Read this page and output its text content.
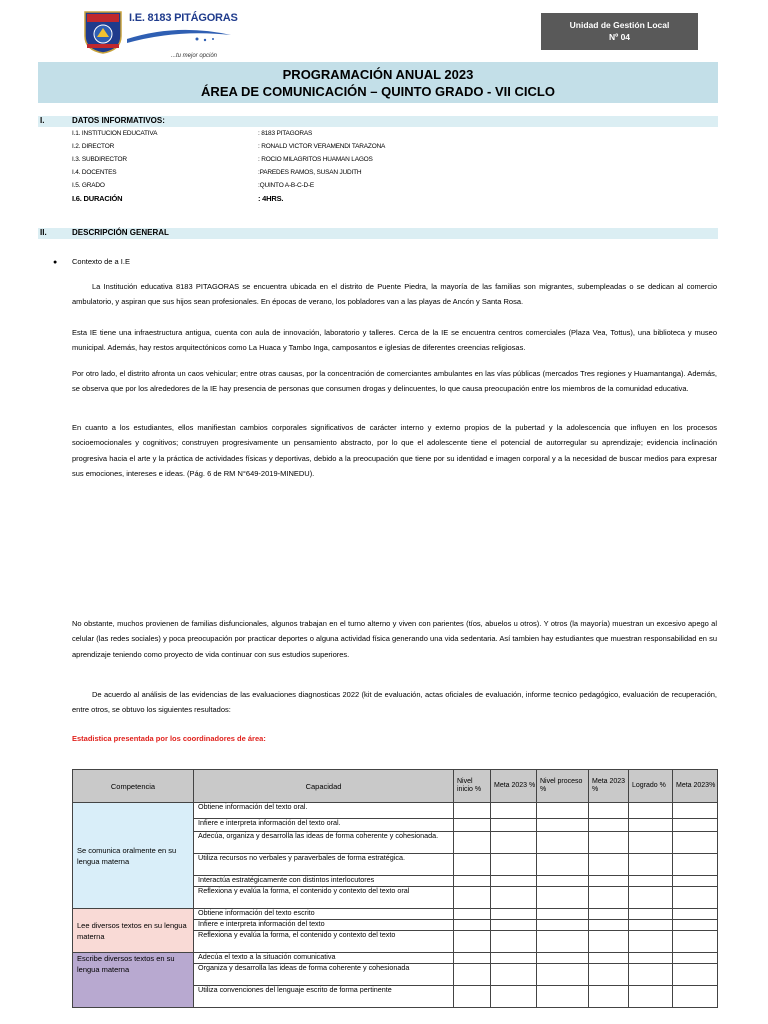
I.E. 8183 PITÁGORAS
...tu mejor opción
Unidad de Gestión Local
Nº 04
PROGRAMACIÓN ANUAL 2023
ÁREA DE COMUNICACIÓN – QUINTO GRADO - VII CICLO
I.	DATOS INFORMATIVOS:
I.1. INSTITUCION EDUCATIVA	: 8183 PITAGORAS
I.2. DIRECTOR	: RONALD VICTOR VERAMENDI TARAZONA
I.3. SUBDIRECTOR	: ROCIO MILAGRITOS HUAMAN LAGOS
I.4. DOCENTES	:PAREDES RAMOS, SUSAN JUDITH
I.5. GRADO	:QUINTO A-B-C-D-E
I.6. DURACIÓN	: 4HRS.
II.	DESCRIPCIÓN GENERAL
● Contexto de a I.E
La Institución educativa 8183 PITAGORAS se encuentra ubicada en el distrito de Puente Piedra, la mayoría de las familias son migrantes, subempleadas o se dedican al comercio ambulatorio, y aspiran que sus hijos sean profesionales. En épocas de verano, los pobladores van a las playas de Ancón y Santa Rosa.
Esta IE tiene una infraestructura antigua, cuenta con aula de innovación, laboratorio y talleres. Cerca de la IE se encuentra centros comerciales (Plaza Vea, Tottus), una biblioteca y museo municipal. Además, hay restos arquitectónicos como La Huaca y Tambo Inga, camposantos e iglesias de diferentes creencias religiosas.
Por otro lado, el distrito afronta un caos vehicular; entre otras causas, por la concentración de comerciantes ambulantes en las vías públicas (mercados Tres regiones y Huamantanga). Además, se observa que por los alrededores de la IE hay presencia de personas que consumen drogas y delincuentes, lo que causa preocupación entre los miembros de la comunidad educativa.
En cuanto a los estudiantes, ellos manifiestan cambios corporales significativos de carácter interno y externo propios de la pubertad y la adolescencia que influyen en los procesos socioemocionales y cognitivos; construyen progresivamente un pensamiento abstracto, por lo que el adolescente tiene el potencial de autorregular su aprendizaje; evidencia inclinación progresiva hacia el arte y la práctica de actividades físicas y deportivas, debido a la preocupación que tiene por su identidad e imagen corporal y a la necesidad de buscar medios para expresar sus emociones, intereses e ideas. (Pág. 6 de RM N°649-2019-MINEDU).
No obstante, muchos provienen de familias disfuncionales, algunos trabajan en el turno alterno y viven con parientes (tíos, abuelos u otros). Y otros (la mayoría) muestran un excesivo apego al celular (las redes sociales) y poca preocupación por practicar deportes o alguna actividad física generando una vida sedentaria. Así tambien hay estudiantes que muestran responsabilidad en su aprendizaje teniendo como proyecto de vida continuar con sus estudios superiores.
De acuerdo al análisis de las evidencias de las evaluaciones diagnosticas 2022 (kit de evaluación, actas oficiales de evaluación, informe tecnico pedagógico, evaluación de recuperación, entre otros, se obtuvo los siguientes resultados:
Estadistica presentada por los coordinadores de área:
Competencia	Capacidad	Nivel inicio %	Meta 2023 %	Nivel proceso %	Meta 2023 %	Logrado %	Meta 2023%
Se comunica oralmente en su lengua materna	Obtiene información del texto oral.						
	Infiere e interpreta información del texto oral.						
	Adecúa, organiza y desarrolla las ideas de forma coherente y cohesionada.						
	Utiliza recursos no verbales y paraverbales de forma estratégica.						
	Interactúa estratégicamente con distintos interlocutores						
	Reflexiona y evalúa la forma, el contenido y contexto del texto oral						
Lee diversos textos en su lengua materna	Obtiene información del texto escrito						
	Infiere e interpreta información del texto						
	Reflexiona y evalúa la forma, el contenido y contexto del texto						
Escribe diversos textos en su lengua materna	Adecúa el texto a la situación comunicativa						
	Organiza y desarrolla las ideas de forma coherente y cohesionada						
	Utiliza convenciones del lenguaje escrito de forma pertinente						
